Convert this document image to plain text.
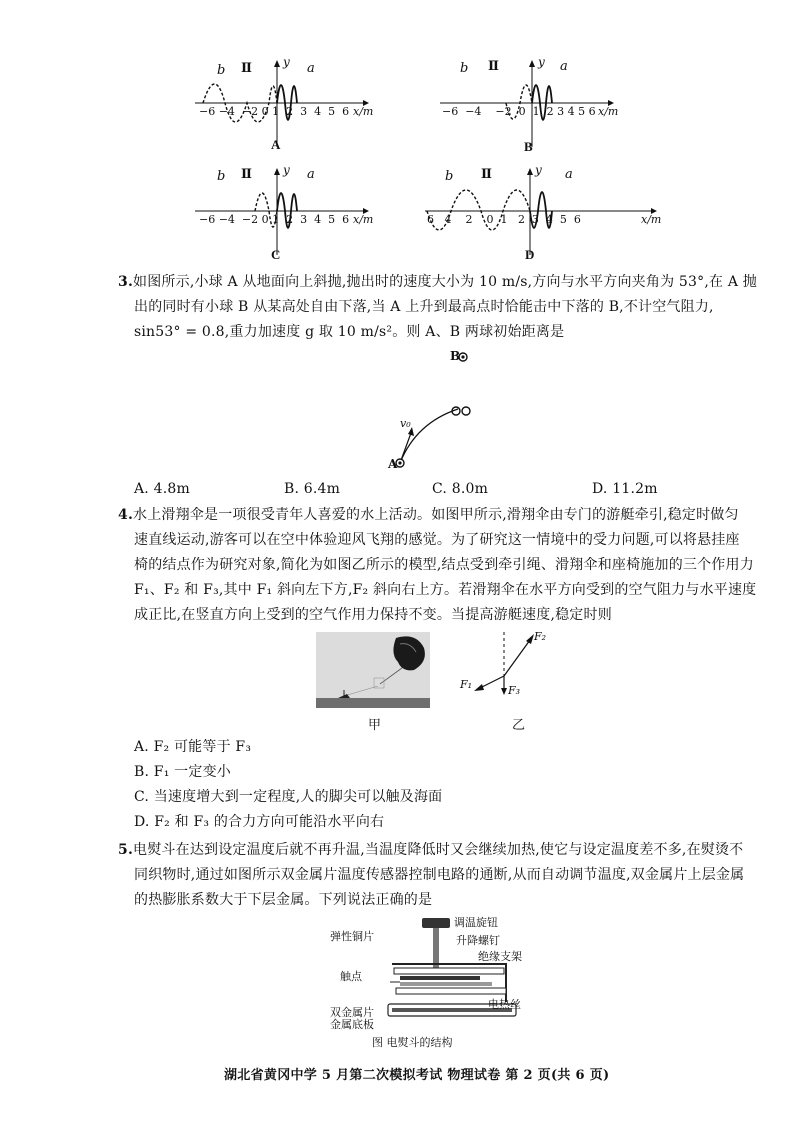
b Ⅱ	y a
−6 −4  −2 0 1  2  3  4  5  6 x/m
A
b Ⅱ	y a
−6  −4    −2  0  1  2 3 4 5 6 x/m
B
b Ⅱ	y a
−6 −4  −2 0 1  2  3  4  5  6 x/m
C
b Ⅱ	y a
6   4    2    0  1   2  3  4  5  6	x/m
D
3.如图所示,小球 A 从地面向上斜抛,抛出时的速度大小为 10 m/s,方向与水平方向夹角为 53°,在 A 抛
出的同时有小球 B 从某高处自由下落,当 A 上升到最高点时恰能击中下落的 B,不计空气阻力,
sin53° = 0.8,重力加速度 g 取 10 m/s²。则 A、B 两球初始距离是
B
v₀
A
A. 4.8m	B. 6.4m	C. 8.0m	D. 11.2m
4.水上滑翔伞是一项很受青年人喜爱的水上活动。如图甲所示,滑翔伞由专门的游艇牵引,稳定时做匀
速直线运动,游客可以在空中体验迎风飞翔的感觉。为了研究这一情境中的受力问题,可以将悬挂座
椅的结点作为研究对象,简化为如图乙所示的模型,结点受到牵引绳、滑翔伞和座椅施加的三个作用力
F₁、F₂ 和 F₃,其中 F₁ 斜向左下方,F₂ 斜向右上方。若滑翔伞在水平方向受到的空气阻力与水平速度
成正比,在竖直方向上受到的空气作用力保持不变。当提高游艇速度,稳定时则
甲
F₂
F₁	F₃
乙
A. F₂ 可能等于 F₃
B. F₁ 一定变小
C. 当速度增大到一定程度,人的脚尖可以触及海面
D. F₂ 和 F₃ 的合力方向可能沿水平向右
5.电熨斗在达到设定温度后就不再升温,当温度降低时又会继续加热,使它与设定温度差不多,在熨烫不
同织物时,通过如图所示双金属片温度传感器控制电路的通断,从而自动调节温度,双金属片上层金属
的热膨胀系数大于下层金属。下列说法正确的是
调温旋钮
弹性铜片	升降螺钉
绝缘支架
触点
电热丝
双金属片
金属底板
图 电熨斗的结构
湖北省黄冈中学 5 月第二次模拟考试 物理试卷 第 2 页(共 6 页)
